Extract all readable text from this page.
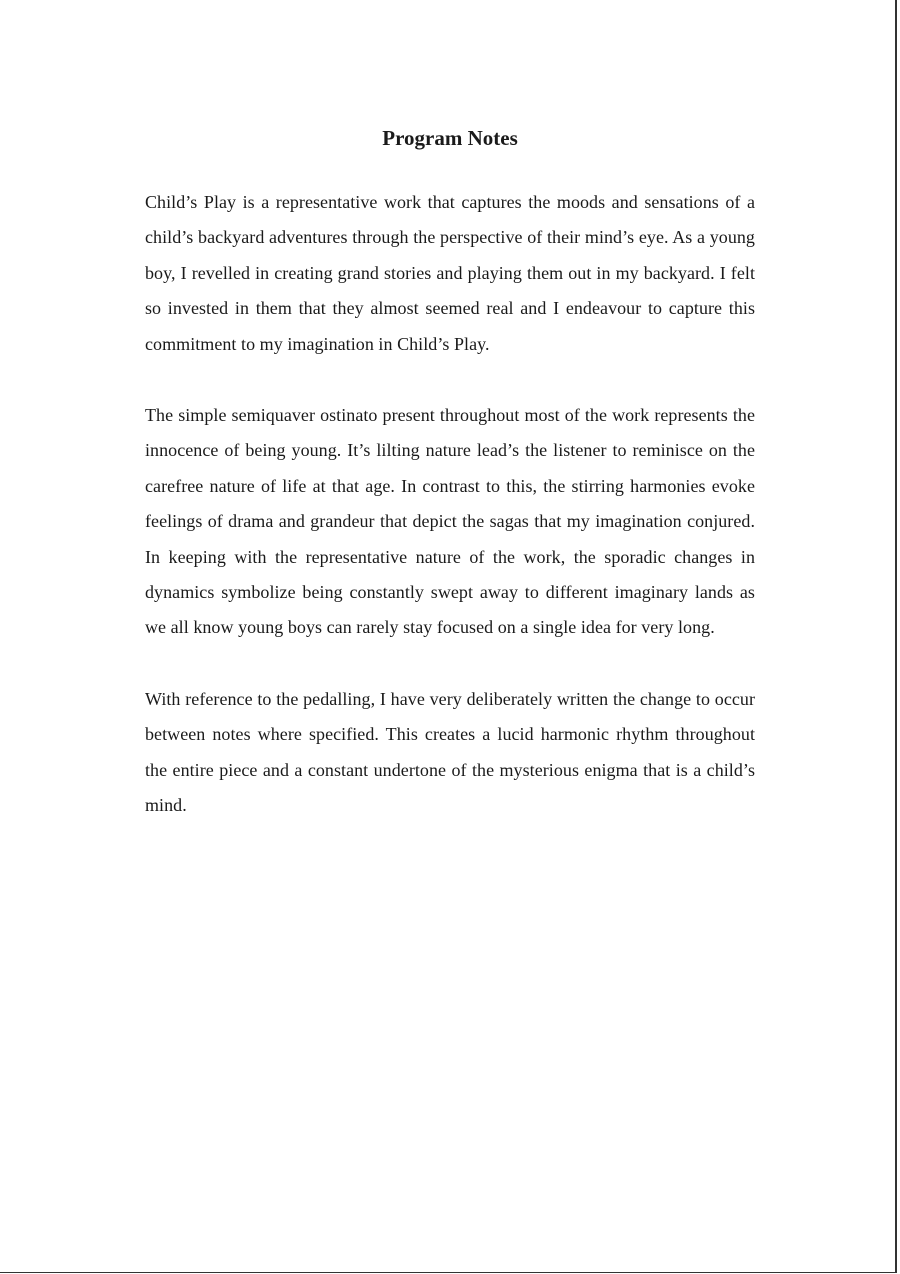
Program Notes

Child’s Play is a representative work that captures the moods and sensations of a child’s backyard adventures through the perspective of their mind’s eye. As a young boy, I revelled in creating grand stories and playing them out in my backyard. I felt so invested in them that they almost seemed real and I endeavour to capture this commitment to my imagination in Child’s Play.

The simple semiquaver ostinato present throughout most of the work represents the innocence of being young. It’s lilting nature lead’s the listener to reminisce on the carefree nature of life at that age. In contrast to this, the stirring harmonies evoke feelings of drama and grandeur that depict the sagas that my imagination conjured. In keeping with the representative nature of the work, the sporadic changes in dynamics symbolize being constantly swept away to different imaginary lands as we all know young boys can rarely stay focused on a single idea for very long.

With reference to the pedalling, I have very deliberately written the change to occur between notes where specified. This creates a lucid harmonic rhythm throughout the entire piece and a constant undertone of the mysterious enigma that is a child’s mind.
